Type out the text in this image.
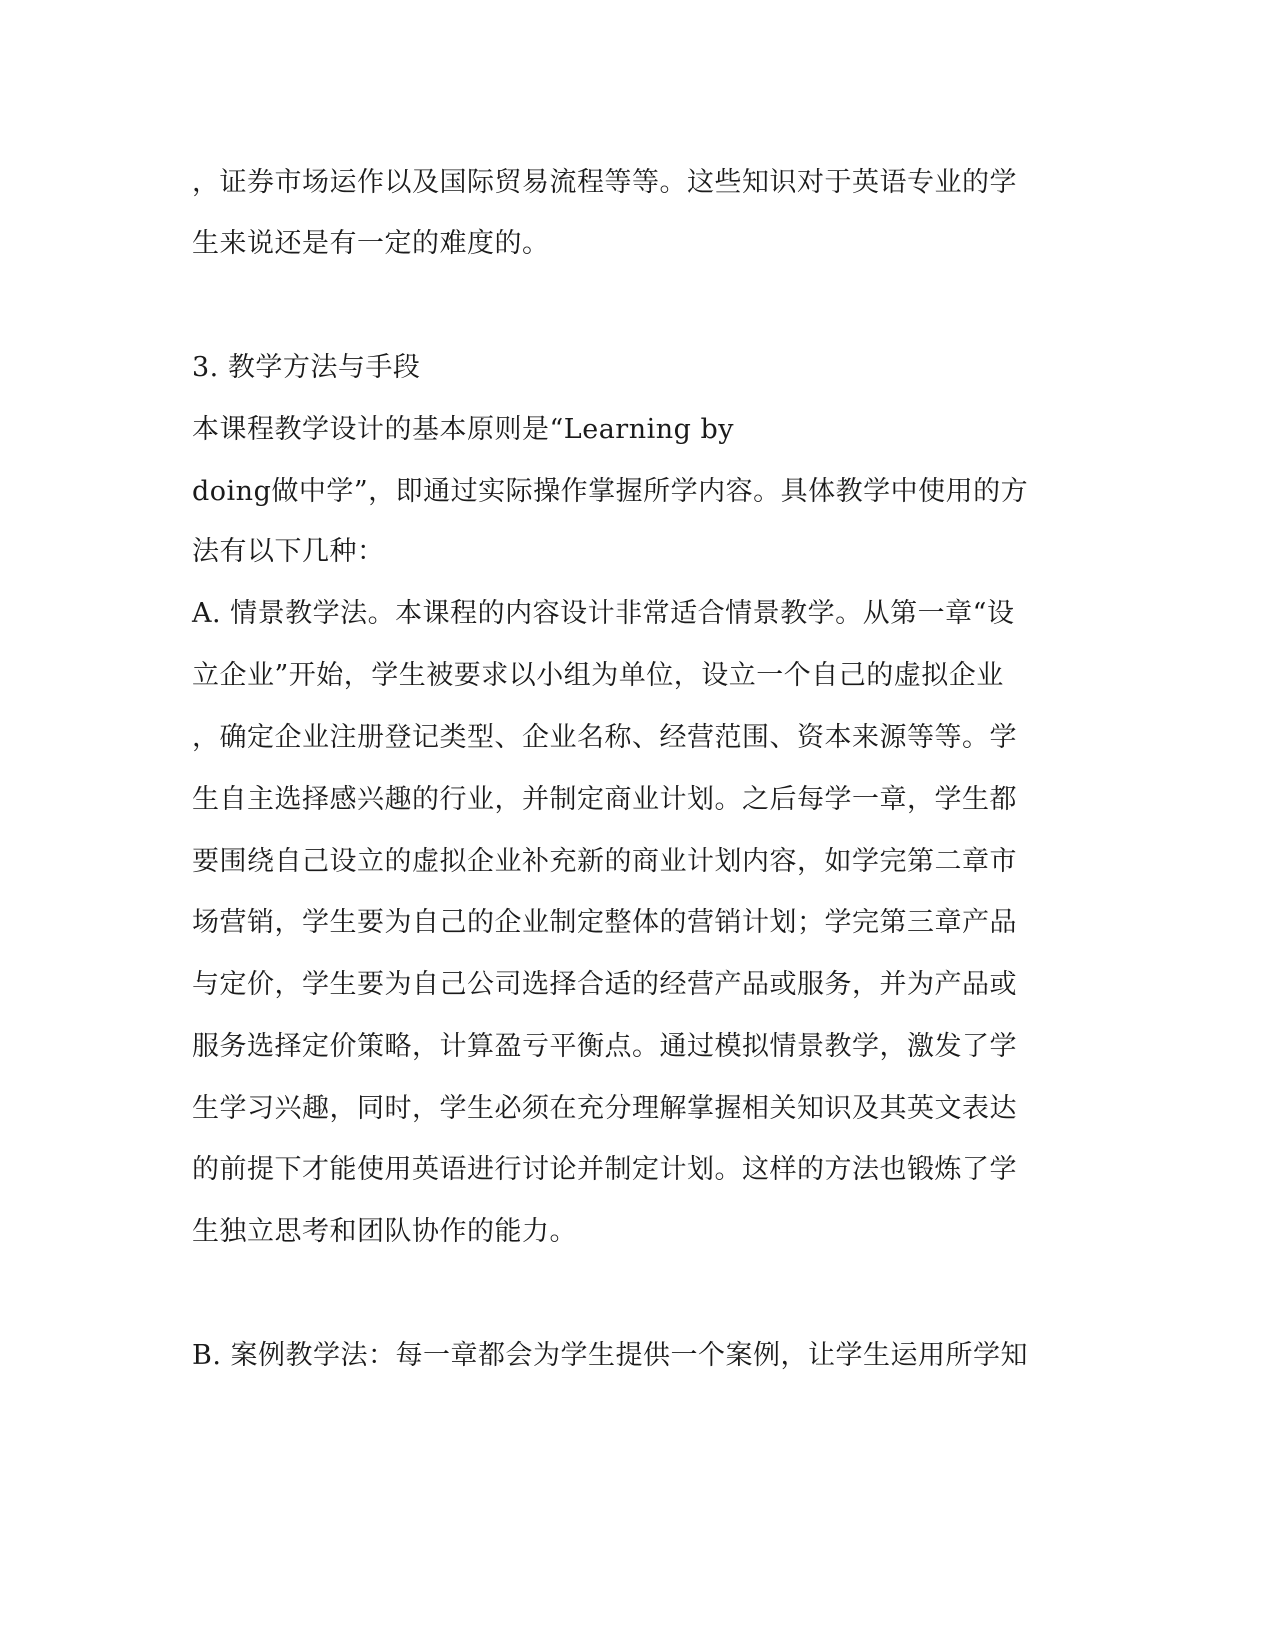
，证券市场运作以及国际贸易流程等等。这些知识对于英语专业的学
生来说还是有一定的难度的。
3. 教学方法与手段
本课程教学设计的基本原则是“Learning by
doing做中学”，即通过实际操作掌握所学内容。具体教学中使用的方
法有以下几种：
A. 情景教学法。本课程的内容设计非常适合情景教学。从第一章“设
立企业”开始，学生被要求以小组为单位，设立一个自己的虚拟企业
，确定企业注册登记类型、企业名称、经营范围、资本来源等等。学
生自主选择感兴趣的行业，并制定商业计划。之后每学一章，学生都
要围绕自己设立的虚拟企业补充新的商业计划内容，如学完第二章市
场营销，学生要为自己的企业制定整体的营销计划；学完第三章产品
与定价，学生要为自己公司选择合适的经营产品或服务，并为产品或
服务选择定价策略，计算盈亏平衡点。通过模拟情景教学，激发了学
生学习兴趣，同时，学生必须在充分理解掌握相关知识及其英文表达
的前提下才能使用英语进行讨论并制定计划。这样的方法也锻炼了学
生独立思考和团队协作的能力。
B. 案例教学法：每一章都会为学生提供一个案例，让学生运用所学知
